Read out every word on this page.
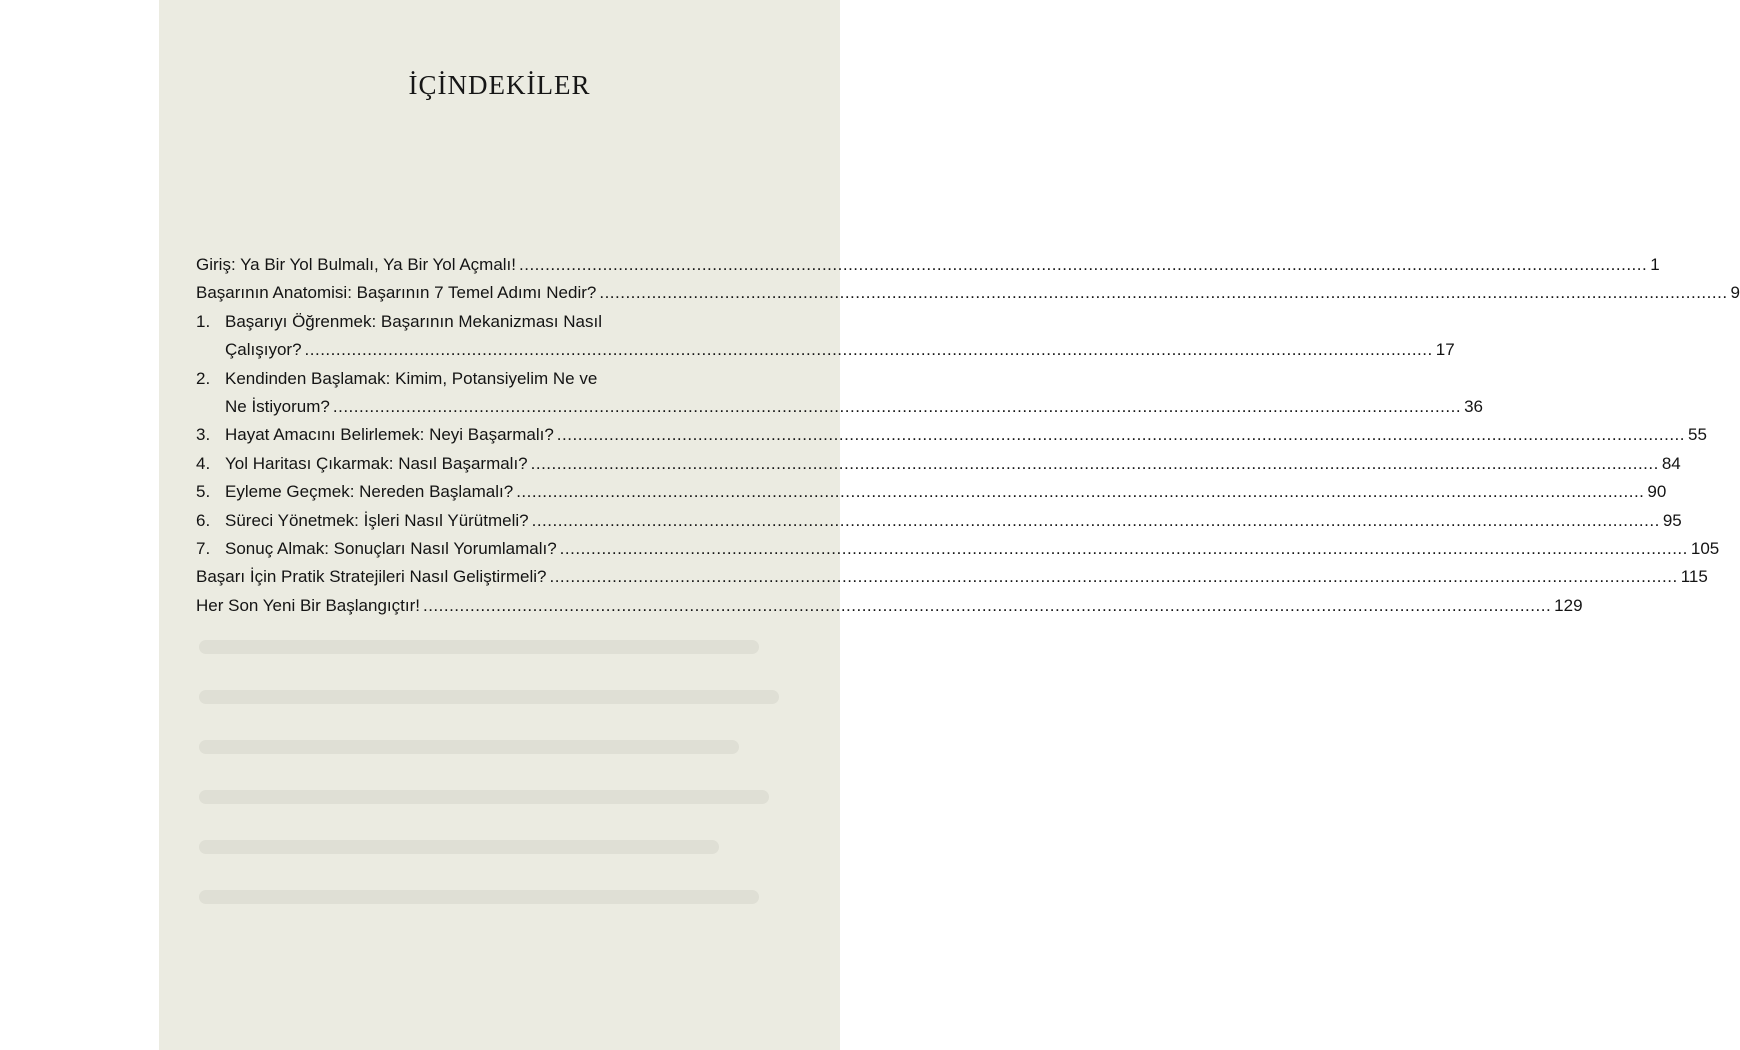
İÇİNDEKİLER
Giriş: Ya Bir Yol Bulmalı, Ya Bir Yol Açmalı! .....	1
Başarının Anatomisi: Başarının 7 Temel Adımı Nedir? .....	9
1. Başarıyı Öğrenmek: Başarının Mekanizması Nasıl
Çalışıyor? .....	17
2. Kendinden Başlamak: Kimim, Potansiyelim Ne ve
Ne İstiyorum? .....	36
3. Hayat Amacını Belirlemek: Neyi Başarmalı? .....	55
4. Yol Haritası Çıkarmak: Nasıl Başarmalı? .....	84
5. Eyleme Geçmek: Nereden Başlamalı? .....	90
6. Süreci Yönetmek: İşleri Nasıl Yürütmeli? .....	95
7. Sonuç Almak: Sonuçları Nasıl Yorumlamalı? .....	105
Başarı İçin Pratik Stratejileri Nasıl Geliştirmeli? .....	115
Her Son Yeni Bir Başlangıçtır! .....	129
